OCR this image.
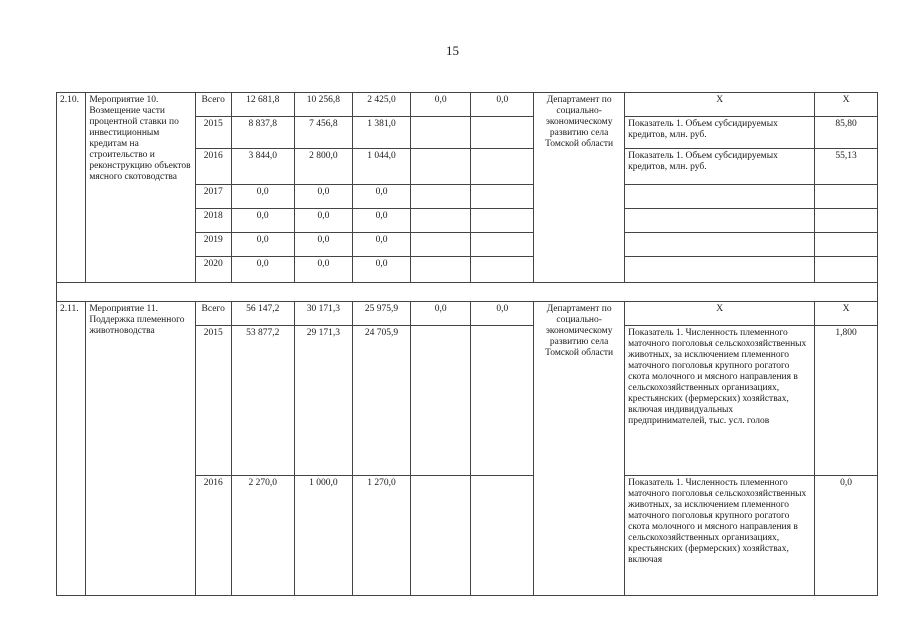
15
2.10.	Мероприятие 10. Возмещение части процентной ставки по инвестиционным кредитам на строительство и реконструкцию объектов мясного скотоводства	Всего	12 681,8	10 256,8	2 425,0	0,0	0,0	Департамент по социально-экономическому развитию села Томской области	X	X
		2015	8 837,8	7 456,8	1 381,0				Показатель 1. Объем субсидируемых кредитов, млн. руб.	85,80
		2016	3 844,0	2 800,0	1 044,0				Показатель 1. Объем субсидируемых кредитов, млн. руб.	55,13
		2017	0,0	0,0	0,0					
		2018	0,0	0,0	0,0					
		2019	0,0	0,0	0,0					
		2020	0,0	0,0	0,0					

2.11.	Мероприятие 11. Поддержка племенного животноводства	Всего	56 147,2	30 171,3	25 975,9	0,0	0,0	Департамент по социально-экономическому развитию села Томской области	X	X
		2015	53 877,2	29 171,3	24 705,9				Показатель 1. Численность племенного маточного поголовья сельскохозяйственных животных, за исключением племенного маточного поголовья крупного рогатого скота молочного и мясного направления в сельскохозяйственных организациях, крестьянских (фермерских) хозяйствах, включая индивидуальных предпринимателей, тыс. усл. голов	1,800
		2016	2 270,0	1 000,0	1 270,0				Показатель 1. Численность племенного маточного поголовья сельскохозяйственных животных, за исключением племенного маточного поголовья крупного рогатого скота молочного и мясного направления в сельскохозяйственных организациях, крестьянских (фермерских) хозяйствах, включая	0,0
